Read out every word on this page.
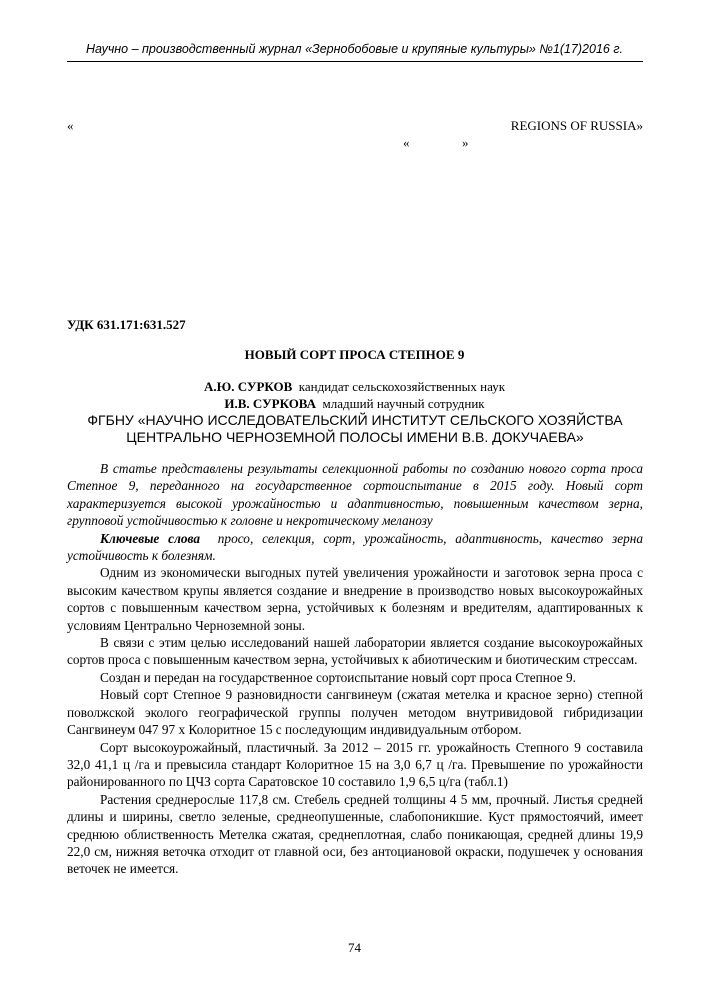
Научно – производственный журнал «Зернобобовые и крупяные культуры» №1(17)2016 г.
«	REGIONS OF RUSSIA»
«	»
УДК 631.171:631.527
НОВЫЙ СОРТ ПРОСА СТЕПНОЕ 9
А.Ю. СУРКОВ кандидат сельскохозяйственных наук
И.В. СУРКОВА младший научный сотрудник
ФГБНУ «НАУЧНО ИССЛЕДОВАТЕЛЬСКИЙ ИНСТИТУТ СЕЛЬСКОГО ХОЗЯЙСТВА ЦЕНТРАЛЬНО ЧЕРНОЗЕМНОЙ ПОЛОСЫ ИМЕНИ В.В. ДОКУЧАЕВА»

В статье представлены результаты селекционной работы по созданию нового сорта проса Степное 9, переданного на государственное сортоиспытание в 2015 году. Новый сорт характеризуется высокой урожайностью и адаптивностью, повышенным качеством зерна, групповой устойчивостью к головне и некротическому меланозу

Ключевые слова просо, селекция, сорт, урожайность, адаптивность, качество зерна устойчивость к болезням.

Одним из экономически выгодных путей увеличения урожайности и заготовок зерна проса с высоким качеством крупы является создание и внедрение в производство новых высокоурожайных сортов с повышенным качеством зерна, устойчивых к болезням и вредителям, адаптированных к условиям Центрально Черноземной зоны.

В связи с этим целью исследований нашей лаборатории является создание высокоурожайных сортов проса с повышенным качеством зерна, устойчивых к абиотическим и биотическим стрессам.

Создан и передан на государственное сортоиспытание новый сорт проса Степное 9.

Новый сорт Степное 9 разновидности сангвинеум (сжатая метелка и красное зерно) степной поволжской эколого географической группы получен методом внутривидовой гибридизации Сангвинеум 047 97 х Колоритное 15 с последующим индивидуальным отбором.

Сорт высокоурожайный, пластичный. За 2012 – 2015 гг. урожайность Степного 9 составила 32,0 41,1 ц /га и превысила стандарт Колоритное 15 на 3,0 6,7 ц /га. Превышение по урожайности районированного по ЦЧЗ сорта Саратовское 10 составило 1,9 6,5 ц/га (табл.1)

Растения среднерослые 117,8 см. Стебель средней толщины 4 5 мм, прочный. Листья средней длины и ширины, светло зеленые, среднеопушенные, слабопоникшие. Куст прямостоячий, имеет среднюю облиственность Метелка сжатая, среднеплотная, слабо поникающая, средней длины 19,9 22,0 см, нижняя веточка отходит от главной оси, без антоциановой окраски, подушечек у основания веточек не имеется.

74
